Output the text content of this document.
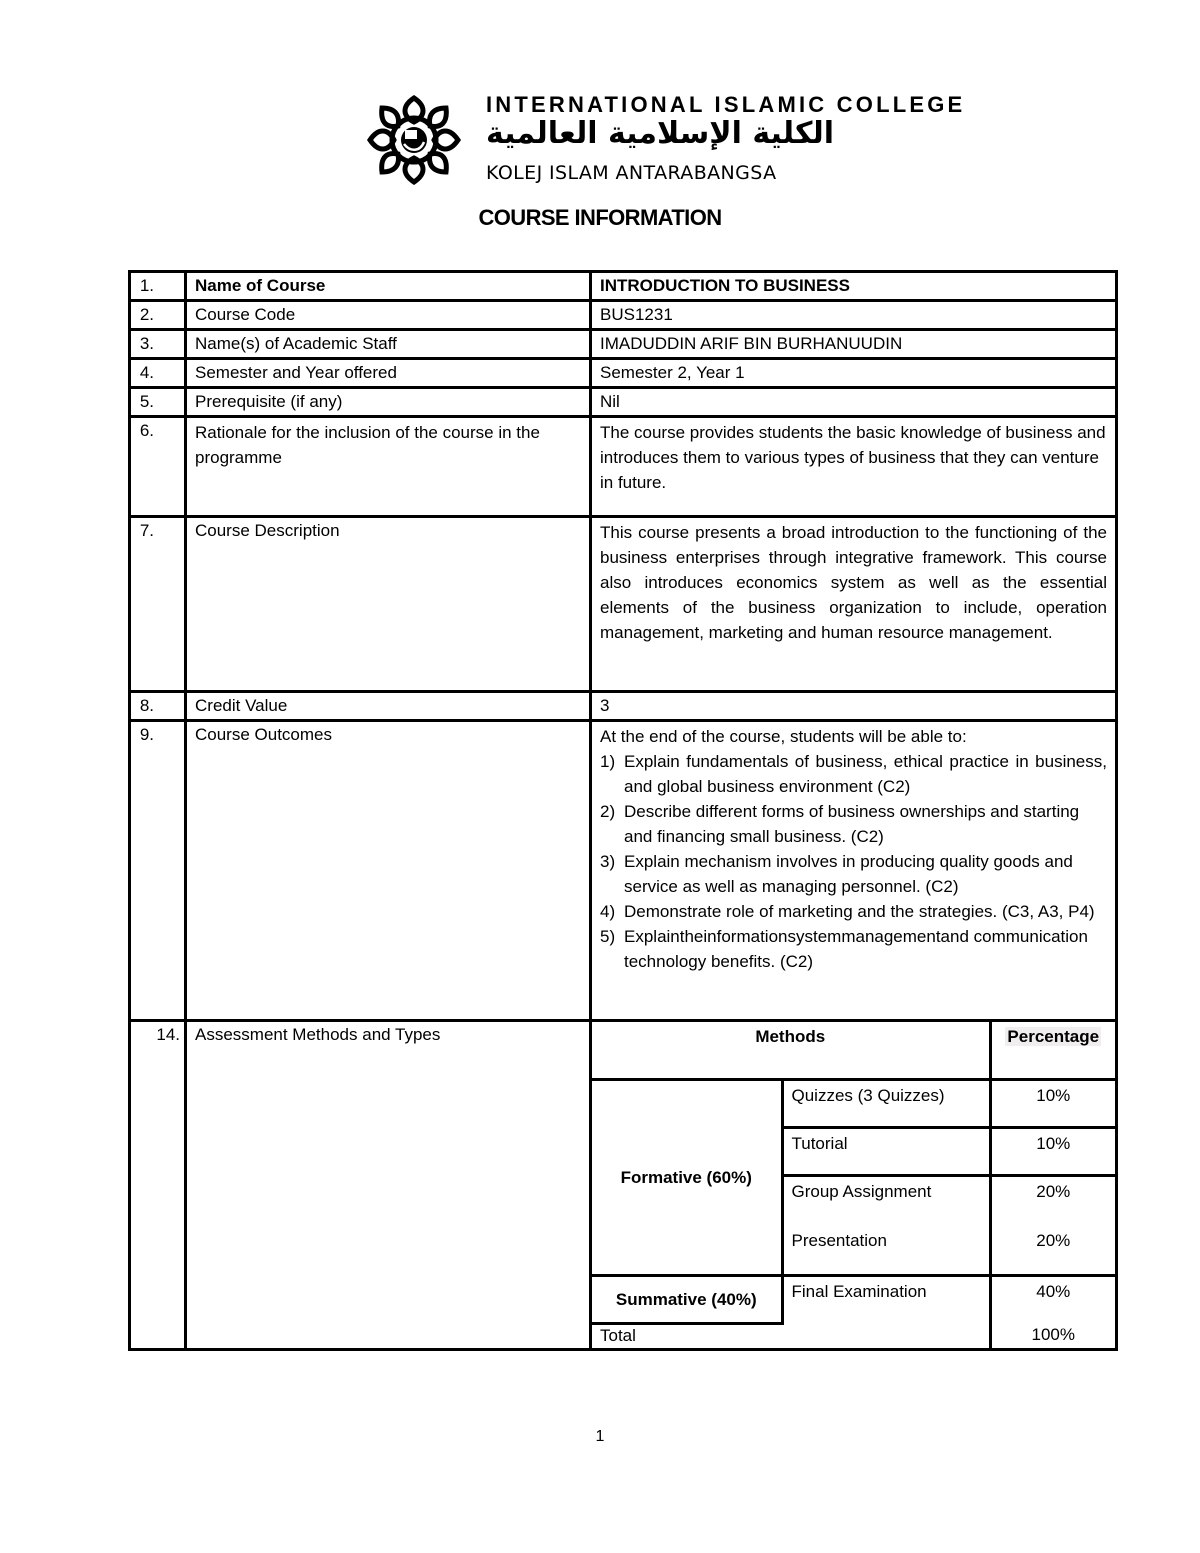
INTERNATIONAL ISLAMIC COLLEGE
الكلية الإسلامية العالمية
KOLEJ ISLAM ANTARABANGSA
COURSE INFORMATION
1.	Name of Course	INTRODUCTION TO BUSINESS
2.	Course Code	BUS1231
3.	Name(s) of Academic Staff	IMADUDDIN ARIF BIN BURHANUUDIN
4.	Semester and Year offered	Semester 2, Year 1
5.	Prerequisite (if any)	Nil
6.	Rationale for the inclusion of the course in the programme	The course provides students the basic knowledge of business and introduces them to various types of business that they can venture in future.
7.	Course Description	This course presents a broad introduction to the functioning of the business enterprises through integrative framework. This course also introduces economics system as well as the essential elements of the business organization to include, operation management, marketing and human resource management.
8.	Credit Value	3
9.	Course Outcomes	At the end of the course, students will be able to:
1) Explain fundamentals of business, ethical practice in business, and global business environment (C2)
2) Describe different forms of business ownerships and starting and financing small business. (C2)
3) Explain mechanism involves in producing quality goods and service as well as managing personnel. (C2)
4) Demonstrate role of marketing and the strategies. (C3, A3, P4)
5) Explaintheinformationsystemmanagementand communication technology benefits. (C2)

14.	Assessment Methods and Types		Methods	Percentage
Formative (60%)	Quizzes (3 Quizzes)	10%
Tutorial	10%
Group Assignment	20%
Presentation	20%
Summative (40%)	Final Examination	40%
Total	100%
1
